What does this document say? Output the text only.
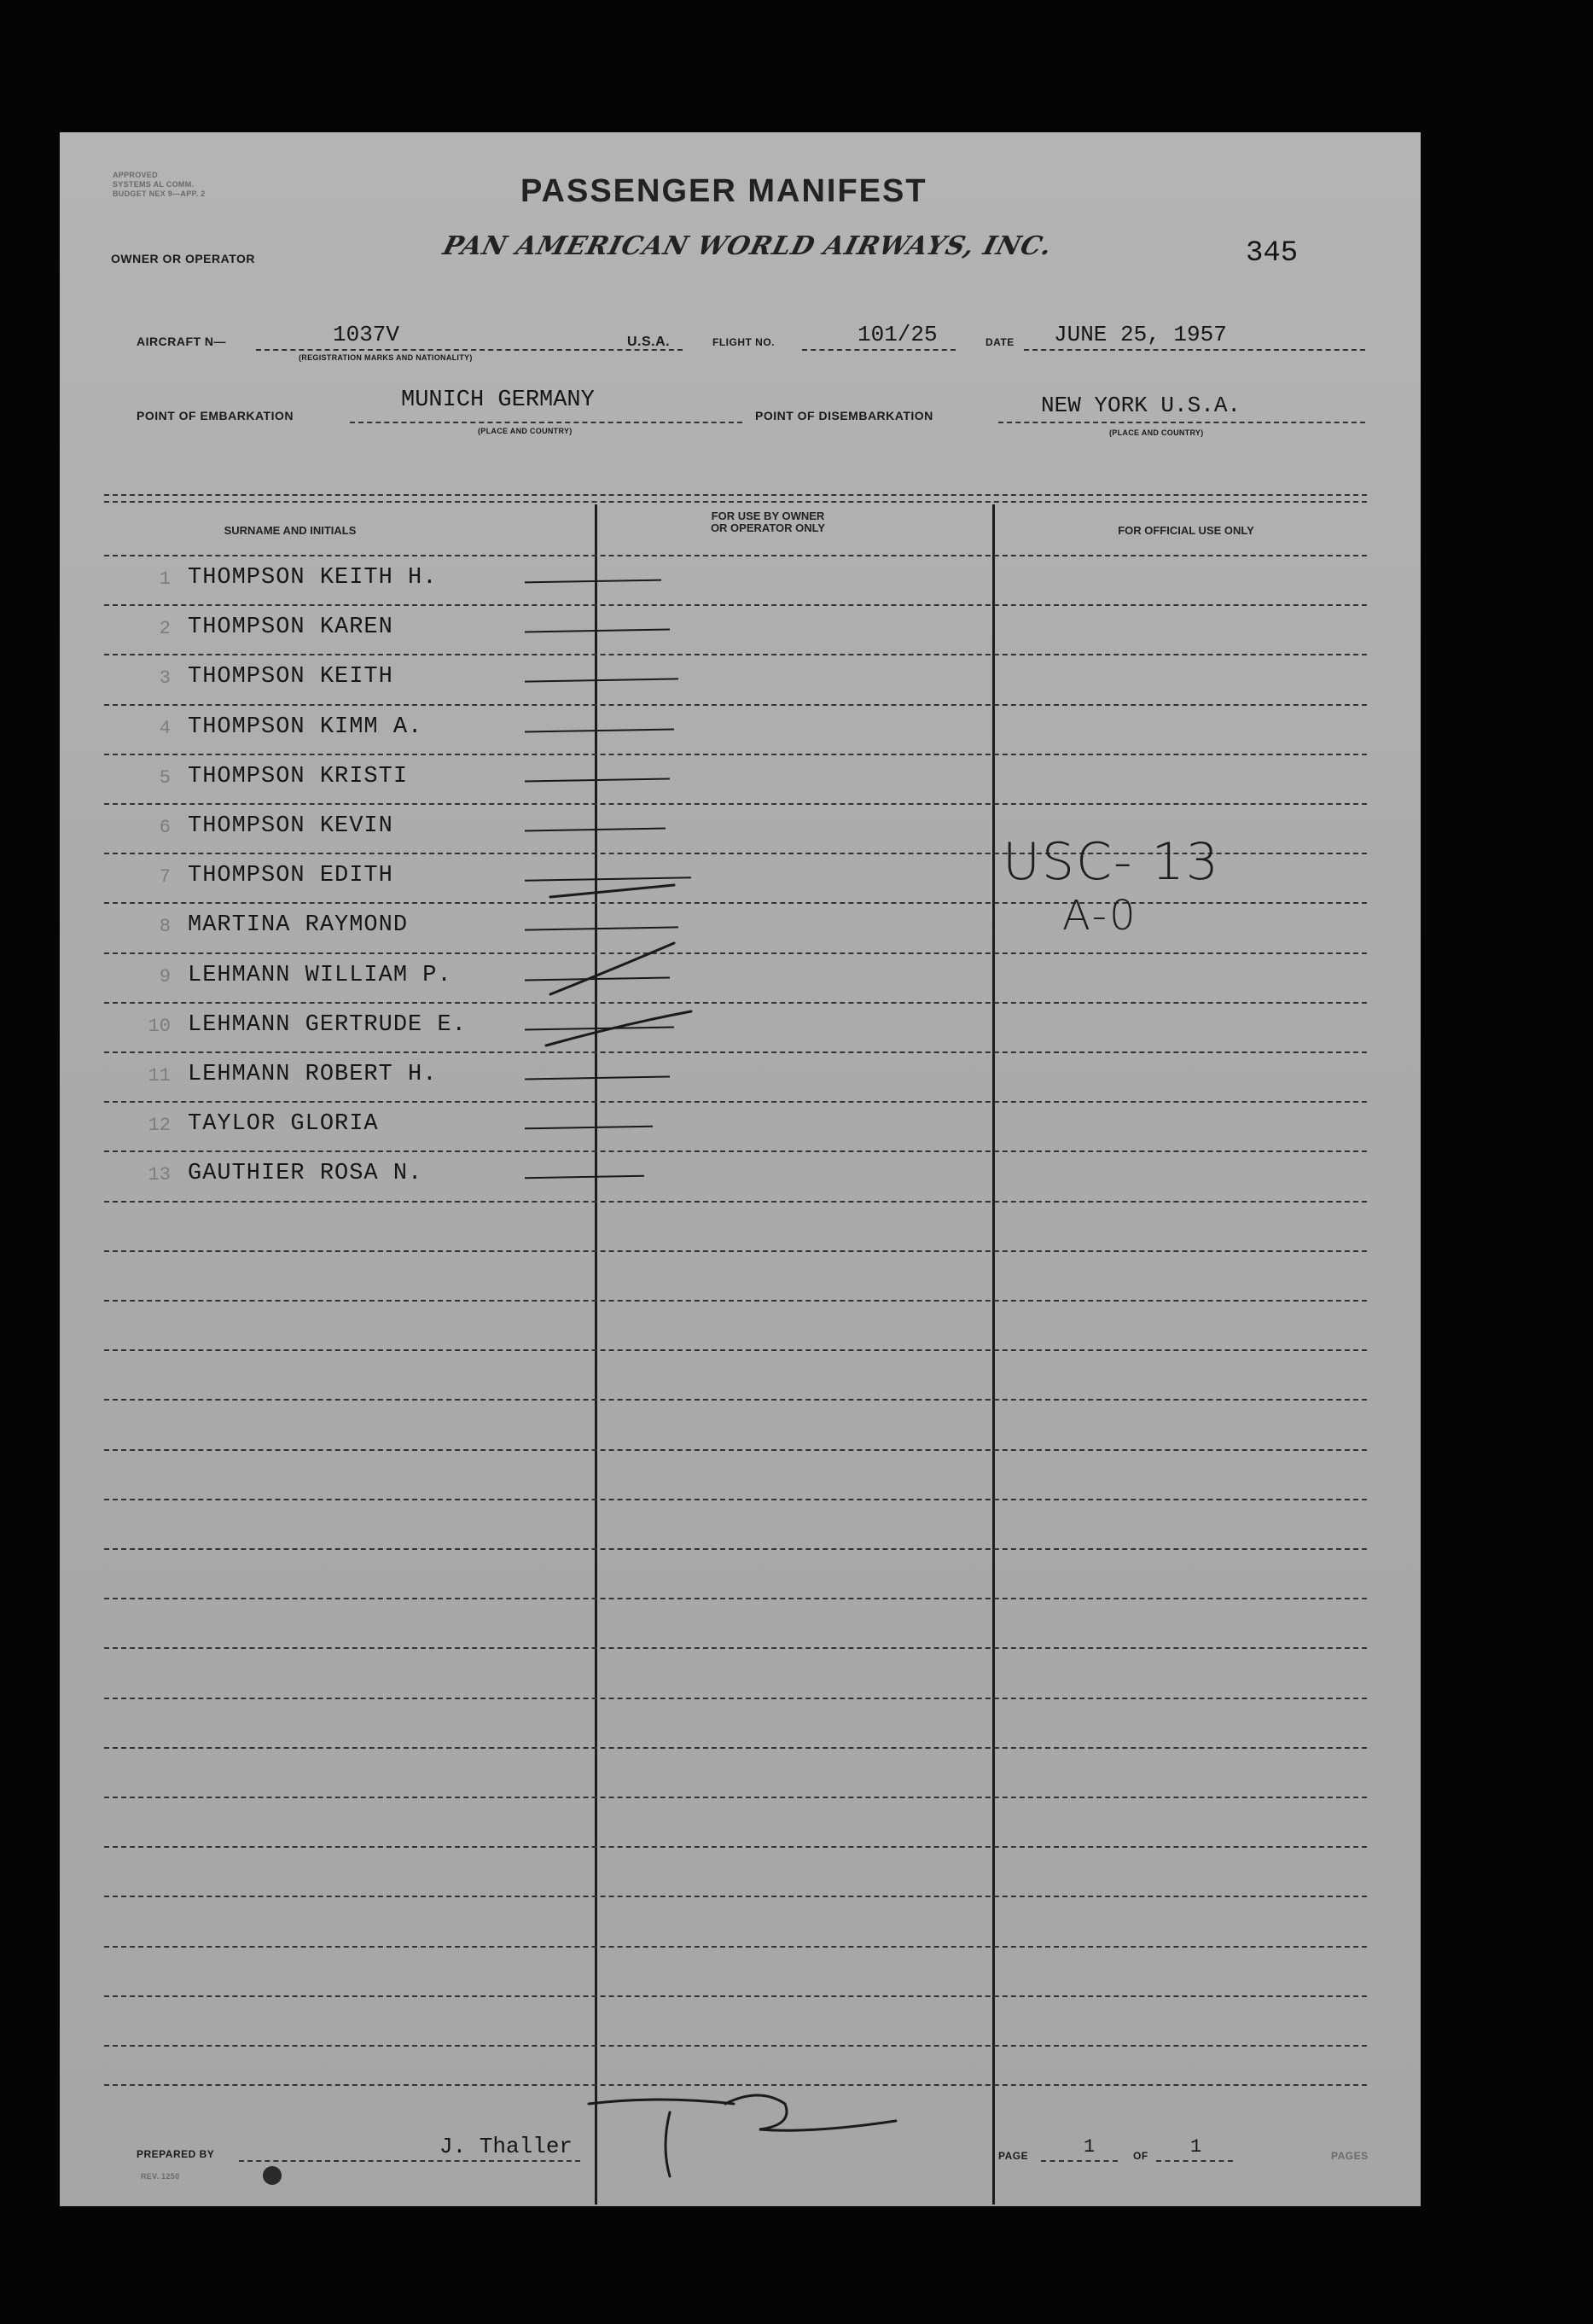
APPROVED
SYSTEMS AL COMM.
BUDGET NEX 9—APP. 2	PASSENGER MANIFEST
OWNER OR OPERATOR	PAN AMERICAN WORLD AIRWAYS, INC.	345
AIRCRAFT N—	1037V
(REGISTRATION MARKS AND NATIONALITY)
U.S.A.	FLIGHT NO.	101/25	DATE JUNE 25, 1957
POINT OF EMBARKATION
MUNICH GERMANY
(PLACE AND COUNTRY)
POINT OF DISEMBARKATION	NEW YORK U.S.A.
(PLACE AND COUNTRY)
SURNAME AND INITIALS
FOR USE BY OWNER
OR OPERATOR ONLY	FOR OFFICIAL USE ONLY
1 THOMPSON KEITH H.
2 THOMPSON KAREN
3 THOMPSON KEITH
4 THOMPSON KIMM A.
5 THOMPSON KRISTI
6 THOMPSON KEVIN
7 THOMPSON EDITH
8 MARTINA RAYMOND
9 LEHMANN WILLIAM P.
10 LEHMANN GERTRUDE E.
11 LEHMANN ROBERT H.
12 TAYLOR GLORIA
13 GAUTHIER ROSA N.
USC- 13
A-0
PREPARED BY	J. Thaller
REV. 1250
PAGE	1	OF 1	PAGES
